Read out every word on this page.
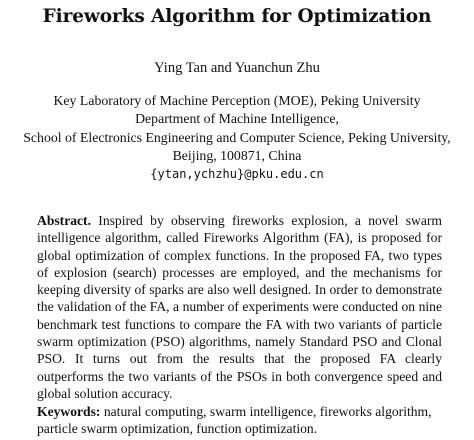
Fireworks Algorithm for Optimization
Ying Tan and Yuanchun Zhu
Key Laboratory of Machine Perception (MOE), Peking University
Department of Machine Intelligence,
School of Electronics Engineering and Computer Science, Peking University,
Beijing, 100871, China
{ytan,ychzhu}@pku.edu.cn
Abstract. Inspired by observing fireworks explosion, a novel swarm intelligence algorithm, called Fireworks Algorithm (FA), is proposed for global optimization of complex functions. In the proposed FA, two types of explosion (search) processes are employed, and the mechanisms for keeping diversity of sparks are also well designed. In order to demonstrate the validation of the FA, a number of experiments were conducted on nine benchmark test functions to compare the FA with two variants of particle swarm optimization (PSO) algorithms, namely Standard PSO and Clonal PSO. It turns out from the results that the proposed FA clearly outperforms the two variants of the PSOs in both convergence speed and global solution accuracy.
Keywords: natural computing, swarm intelligence, fireworks algorithm, particle swarm optimization, function optimization.
